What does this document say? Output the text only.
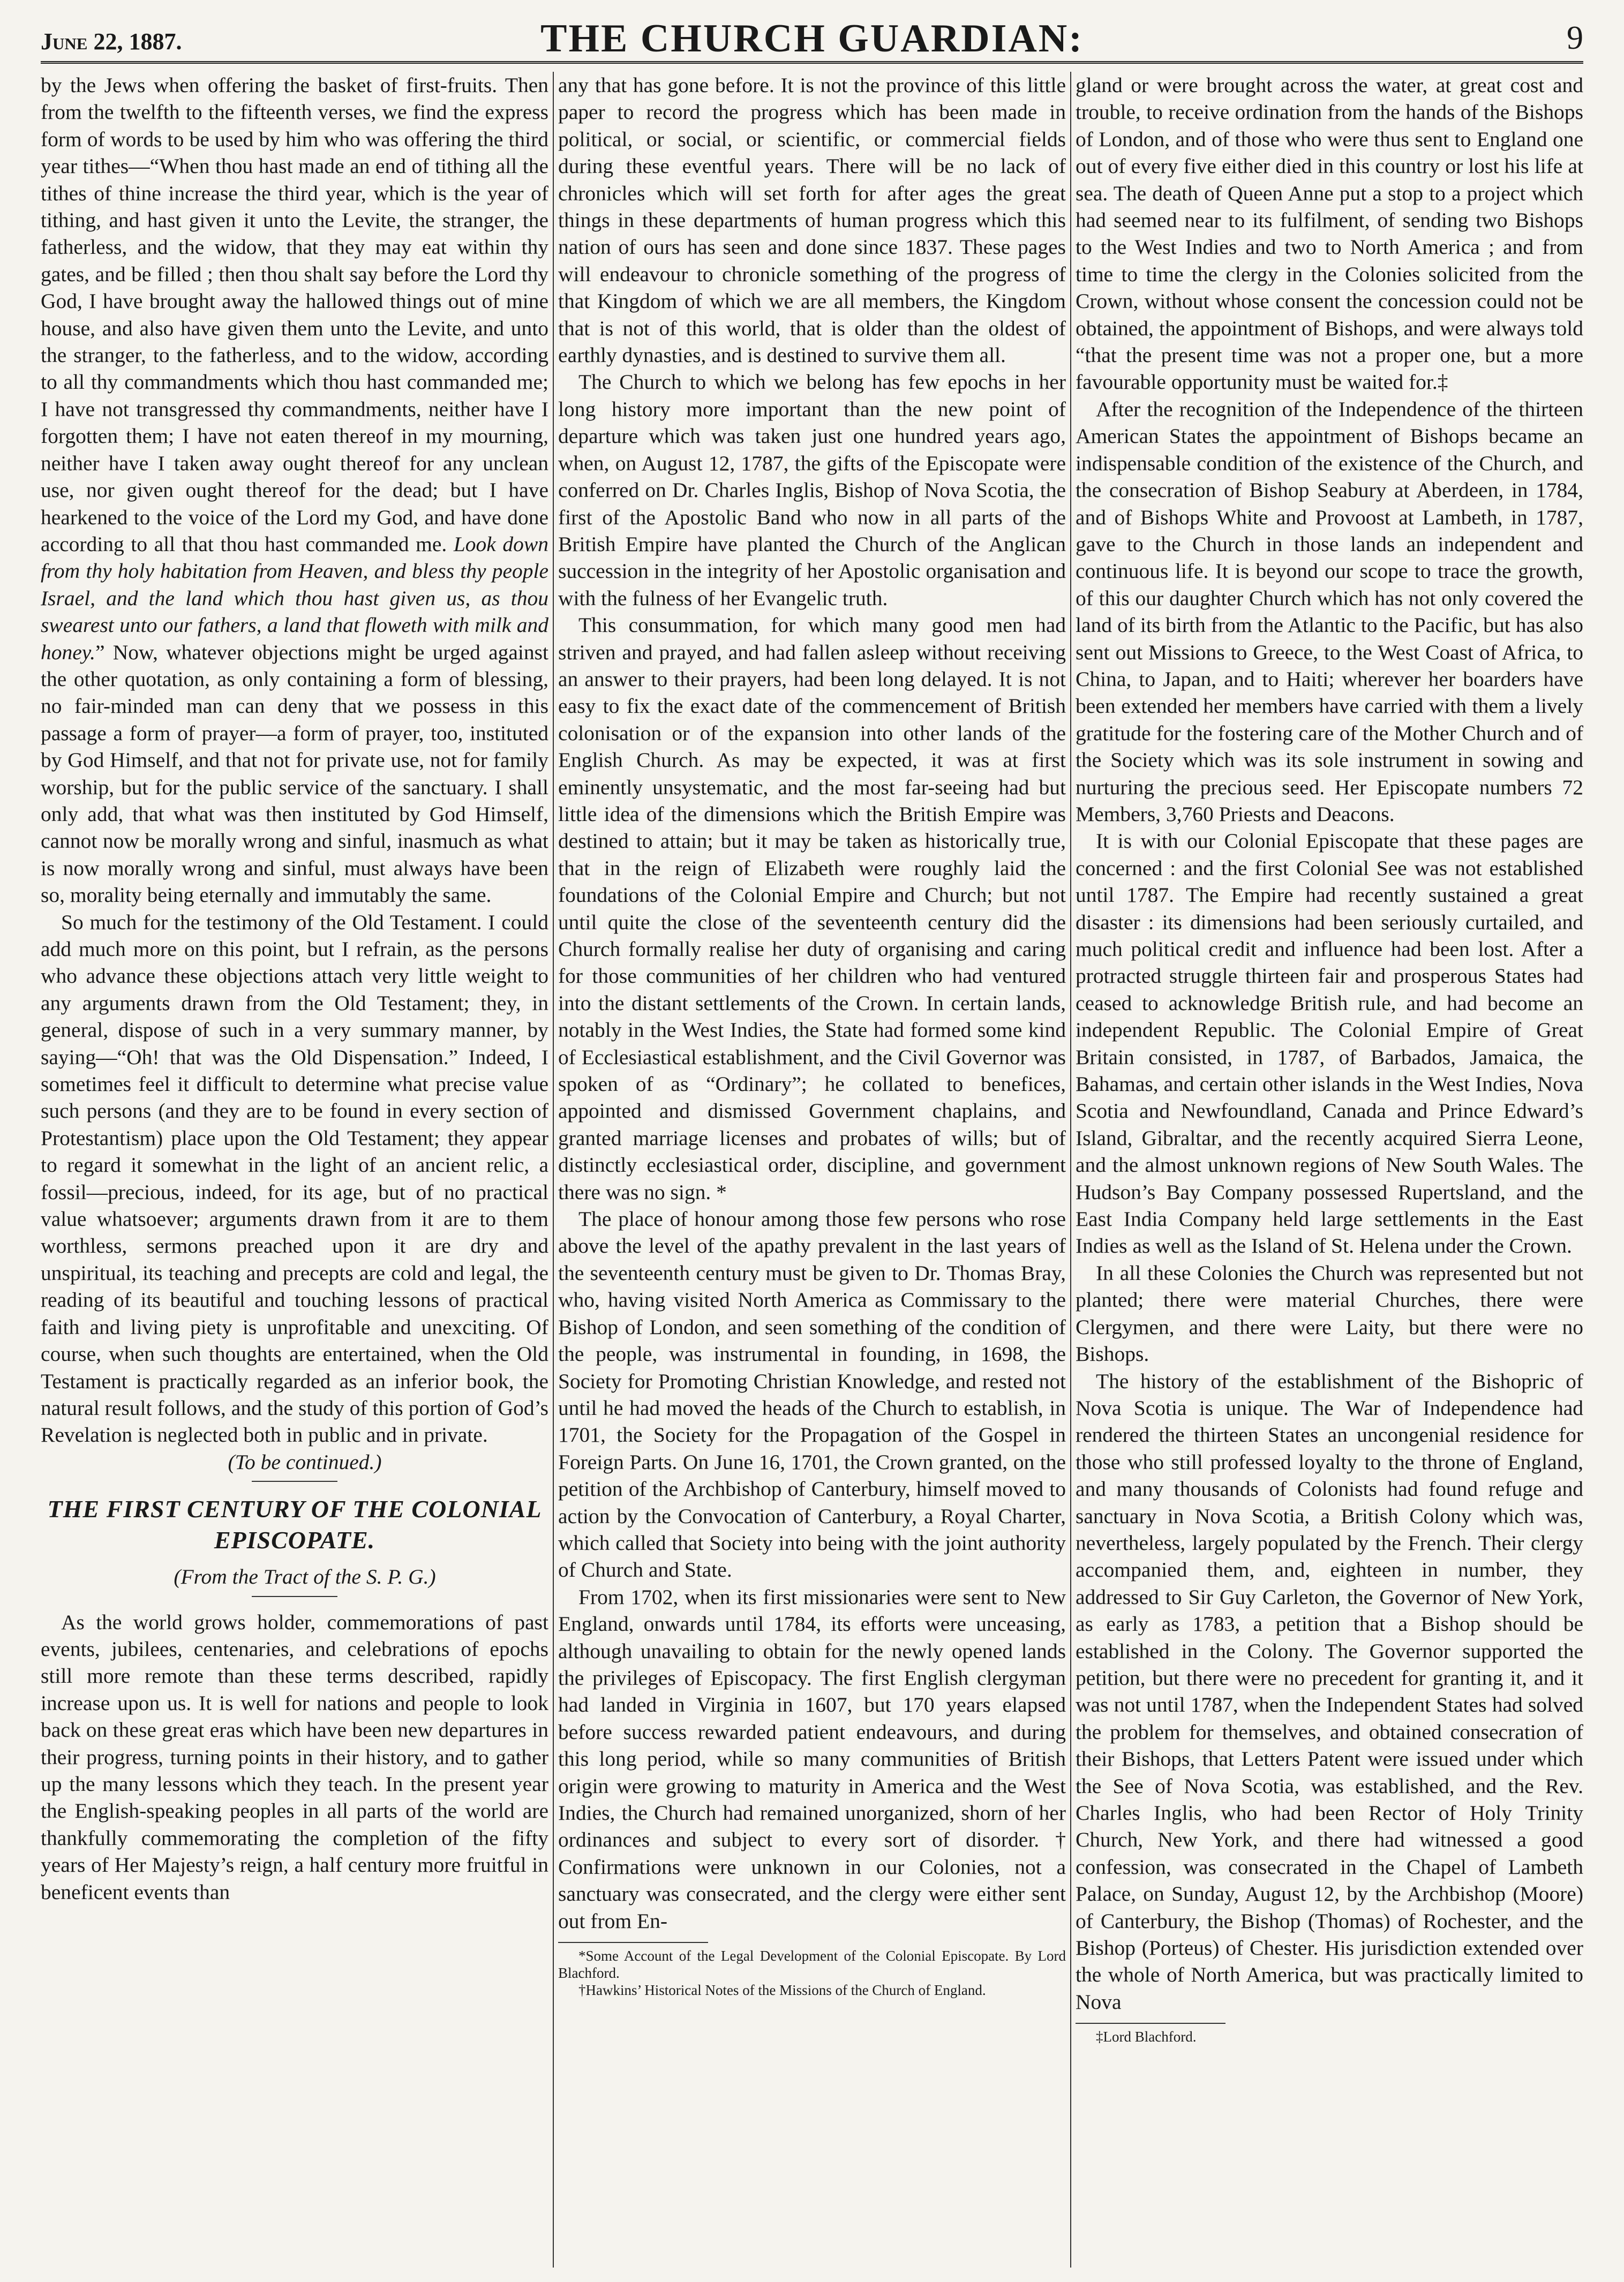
June 22, 1887.	THE CHURCH GUARDIAN:	9

by the Jews when offering the basket of first-fruits. Then from the twelfth to the fifteenth verses, we find the express form of words to be used by him who was offering the third year tithes—“When thou hast made an end of tithing all the tithes of thine increase the third year, which is the year of tithing, and hast given it unto the Levite, the stranger, the fatherless, and the widow, that they may eat within thy gates, and be filled ; then thou shalt say before the Lord thy God, I have brought away the hallowed things out of mine house, and also have given them unto the Levite, and unto the stranger, to the fatherless, and to the widow, according to all thy commandments which thou hast commanded me; I have not transgressed thy commandments, neither have I forgotten them; I have not eaten thereof in my mourning, neither have I taken away ought thereof for any unclean use, nor given ought thereof for the dead; but I have hearkened to the voice of the Lord my God, and have done according to all that thou hast commanded me. Look down from thy holy habitation from Heaven, and bless thy people Israel, and the land which thou hast given us, as thou swearest unto our fathers, a land that floweth with milk and honey.” Now, whatever objections might be urged against the other quotation, as only containing a form of blessing, no fair-minded man can deny that we possess in this passage a form of prayer—a form of prayer, too, instituted by God Himself, and that not for private use, not for family worship, but for the public service of the sanctuary. I shall only add, that what was then instituted by God Himself, cannot now be morally wrong and sinful, inasmuch as what is now morally wrong and sinful, must always have been so, morality being eternally and immutably the same.

So much for the testimony of the Old Testament. I could add much more on this point, but I refrain, as the persons who advance these objections attach very little weight to any arguments drawn from the Old Testament; they, in general, dispose of such in a very summary manner, by saying—“Oh! that was the Old Dispensation.” Indeed, I sometimes feel it difficult to determine what precise value such persons (and they are to be found in every section of Protestantism) place upon the Old Testament; they appear to regard it somewhat in the light of an ancient relic, a fossil—precious, indeed, for its age, but of no practical value whatsoever; arguments drawn from it are to them worthless, sermons preached upon it are dry and unspiritual, its teaching and precepts are cold and legal, the reading of its beautiful and touching lessons of practical faith and living piety is unprofitable and unexciting. Of course, when such thoughts are entertained, when the Old Testament is practically regarded as an inferior book, the natural result follows, and the study of this portion of God’s Revelation is neglected both in public and in private.

(To be continued.)

THE FIRST CENTURY OF THE COLONIAL EPISCOPATE.

(From the Tract of the S. P. G.)

As the world grows holder, commemorations of past events, jubilees, centenaries, and celebrations of epochs still more remote than these terms described, rapidly increase upon us. It is well for nations and people to look back on these great eras which have been new departures in their progress, turning points in their history, and to gather up the many lessons which they teach. In the present year the English-speaking peoples in all parts of the world are thankfully commemorating the completion of the fifty years of Her Majesty’s reign, a half century more fruitful in beneficent events than

any that has gone before. It is not the province of this little paper to record the progress which has been made in political, or social, or scientific, or commercial fields during these eventful years. There will be no lack of chronicles which will set forth for after ages the great things in these departments of human progress which this nation of ours has seen and done since 1837. These pages will endeavour to chronicle something of the progress of that Kingdom of which we are all members, the Kingdom that is not of this world, that is older than the oldest of earthly dynasties, and is destined to survive them all.

The Church to which we belong has few epochs in her long history more important than the new point of departure which was taken just one hundred years ago, when, on August 12, 1787, the gifts of the Episcopate were conferred on Dr. Charles Inglis, Bishop of Nova Scotia, the first of the Apostolic Band who now in all parts of the British Empire have planted the Church of the Anglican succession in the integrity of her Apostolic organisation and with the fulness of her Evangelic truth.

This consummation, for which many good men had striven and prayed, and had fallen asleep without receiving an answer to their prayers, had been long delayed. It is not easy to fix the exact date of the commencement of British colonisation or of the expansion into other lands of the English Church. As may be expected, it was at first eminently unsystematic, and the most far-seeing had but little idea of the dimensions which the British Empire was destined to attain; but it may be taken as historically true, that in the reign of Elizabeth were roughly laid the foundations of the Colonial Empire and Church; but not until quite the close of the seventeenth century did the Church formally realise her duty of organising and caring for those communities of her children who had ventured into the distant settlements of the Crown. In certain lands, notably in the West Indies, the State had formed some kind of Ecclesiastical establishment, and the Civil Governor was spoken of as “Ordinary”; he collated to benefices, appointed and dismissed Government chaplains, and granted marriage licenses and probates of wills; but of distinctly ecclesiastical order, discipline, and government there was no sign. *

The place of honour among those few persons who rose above the level of the apathy prevalent in the last years of the seventeenth century must be given to Dr. Thomas Bray, who, having visited North America as Commissary to the Bishop of London, and seen something of the condition of the people, was instrumental in founding, in 1698, the Society for Promoting Christian Knowledge, and rested not until he had moved the heads of the Church to establish, in 1701, the Society for the Propagation of the Gospel in Foreign Parts. On June 16, 1701, the Crown granted, on the petition of the Archbishop of Canterbury, himself moved to action by the Convocation of Canterbury, a Royal Charter, which called that Society into being with the joint authority of Church and State.

From 1702, when its first missionaries were sent to New England, onwards until 1784, its efforts were unceasing, although unavailing to obtain for the newly opened lands the privileges of Episcopacy. The first English clergyman had landed in Virginia in 1607, but 170 years elapsed before success rewarded patient endeavours, and during this long period, while so many communities of British origin were growing to maturity in America and the West Indies, the Church had remained unorganized, shorn of her ordinances and subject to every sort of disorder. † Confirmations were unknown in our Colonies, not a sanctuary was consecrated, and the clergy were either sent out from En-

*Some Account of the Legal Development of the Colonial Episcopate. By Lord Blachford.

†Hawkins’ Historical Notes of the Missions of the Church of England.

gland or were brought across the water, at great cost and trouble, to receive ordination from the hands of the Bishops of London, and of those who were thus sent to England one out of every five either died in this country or lost his life at sea. The death of Queen Anne put a stop to a project which had seemed near to its fulfilment, of sending two Bishops to the West Indies and two to North America ; and from time to time the clergy in the Colonies solicited from the Crown, without whose consent the concession could not be obtained, the appointment of Bishops, and were always told “that the present time was not a proper one, but a more favourable opportunity must be waited for.‡

After the recognition of the Independence of the thirteen American States the appointment of Bishops became an indispensable condition of the existence of the Church, and the consecration of Bishop Seabury at Aberdeen, in 1784, and of Bishops White and Provoost at Lambeth, in 1787, gave to the Church in those lands an independent and continuous life. It is beyond our scope to trace the growth, of this our daughter Church which has not only covered the land of its birth from the Atlantic to the Pacific, but has also sent out Missions to Greece, to the West Coast of Africa, to China, to Japan, and to Haiti; wherever her boarders have been extended her members have carried with them a lively gratitude for the fostering care of the Mother Church and of the Society which was its sole instrument in sowing and nurturing the precious seed. Her Episcopate numbers 72 Members, 3,760 Priests and Deacons.

It is with our Colonial Episcopate that these pages are concerned : and the first Colonial See was not established until 1787. The Empire had recently sustained a great disaster : its dimensions had been seriously curtailed, and much political credit and influence had been lost. After a protracted struggle thirteen fair and prosperous States had ceased to acknowledge British rule, and had become an independent Republic. The Colonial Empire of Great Britain consisted, in 1787, of Barbados, Jamaica, the Bahamas, and certain other islands in the West Indies, Nova Scotia and Newfoundland, Canada and Prince Edward’s Island, Gibraltar, and the recently acquired Sierra Leone, and the almost unknown regions of New South Wales. The Hudson’s Bay Company possessed Rupertsland, and the East India Company held large settlements in the East Indies as well as the Island of St. Helena under the Crown.

In all these Colonies the Church was represented but not planted; there were material Churches, there were Clergymen, and there were Laity, but there were no Bishops.

The history of the establishment of the Bishopric of Nova Scotia is unique. The War of Independence had rendered the thirteen States an uncongenial residence for those who still professed loyalty to the throne of England, and many thousands of Colonists had found refuge and sanctuary in Nova Scotia, a British Colony which was, nevertheless, largely populated by the French. Their clergy accompanied them, and, eighteen in number, they addressed to Sir Guy Carleton, the Governor of New York, as early as 1783, a petition that a Bishop should be established in the Colony. The Governor supported the petition, but there were no precedent for granting it, and it was not until 1787, when the Independent States had solved the problem for themselves, and obtained consecration of their Bishops, that Letters Patent were issued under which the See of Nova Scotia, was established, and the Rev. Charles Inglis, who had been Rector of Holy Trinity Church, New York, and there had witnessed a good confession, was consecrated in the Chapel of Lambeth Palace, on Sunday, August 12, by the Archbishop (Moore) of Canterbury, the Bishop (Thomas) of Rochester, and the Bishop (Porteus) of Chester. His jurisdiction extended over the whole of North America, but was practically limited to Nova

‡Lord Blachford.
